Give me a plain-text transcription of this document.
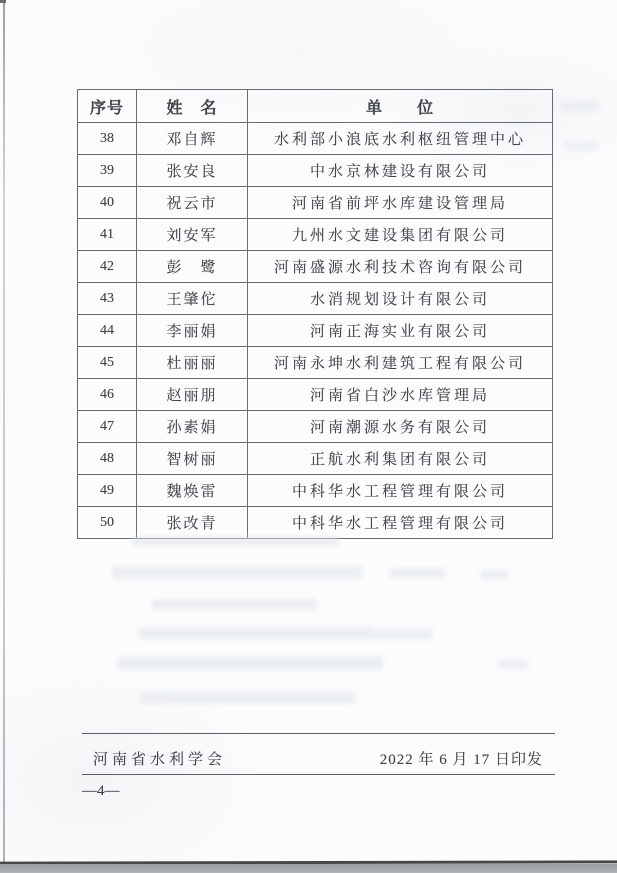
序号	姓　名	单　　位
38	邓自辉	水利部小浪底水利枢纽管理中心
39	张安良	中水京林建设有限公司
40	祝云市	河南省前坪水库建设管理局
41	刘安军	九州水文建设集团有限公司
42	彭　鹭	河南盛源水利技术咨询有限公司
43	王肇佗	水消规划设计有限公司
44	李丽娟	河南正海实业有限公司
45	杜丽丽	河南永坤水利建筑工程有限公司
46	赵丽朋	河南省白沙水库管理局
47	孙素娟	河南潮源水务有限公司
48	智树丽	正航水利集团有限公司
49	魏焕雷	中科华水工程管理有限公司
50	张改青	中科华水工程管理有限公司
河南省水利学会	2022 年 6 月 17 日印发
—4—
